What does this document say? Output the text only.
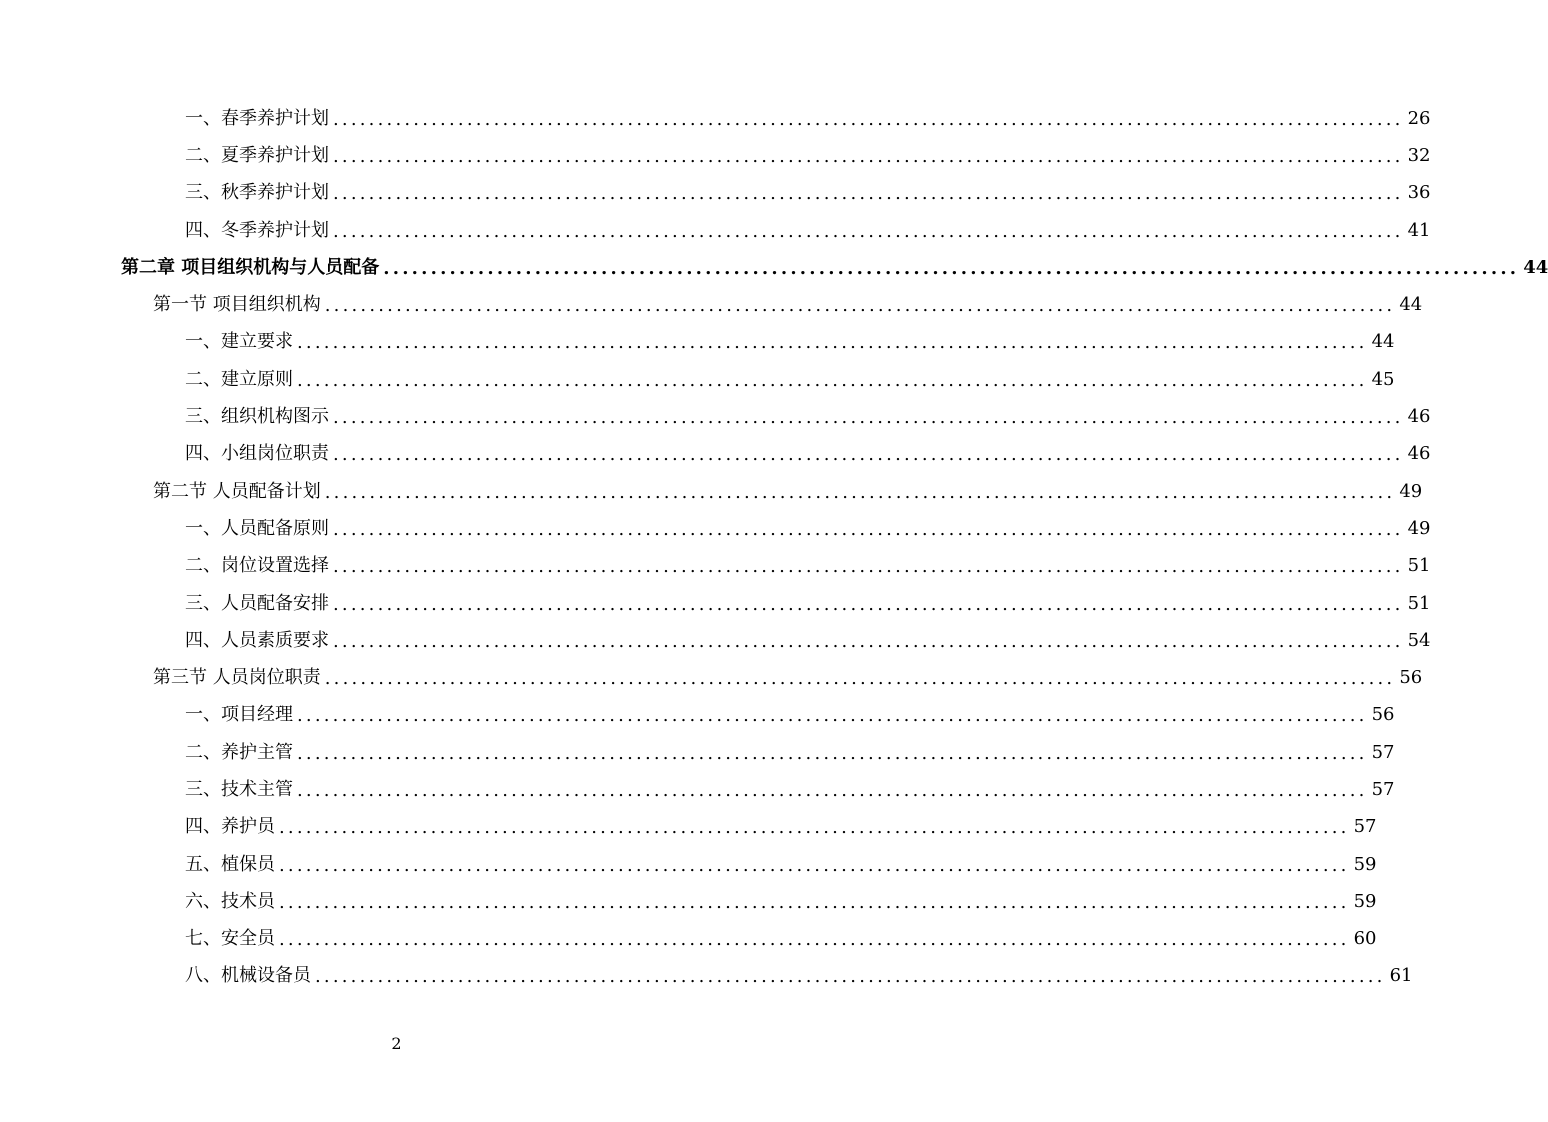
一、春季养护计划 ........................................................................................................................ 26
二、夏季养护计划 ........................................................................................................................ 32
三、秋季养护计划 ........................................................................................................................ 36
四、冬季养护计划 ........................................................................................................................ 41
第二章 项目组织机构与人员配备 ........................................................................................................................ 44
第一节 项目组织机构 ........................................................................................................................ 44
一、建立要求 ........................................................................................................................ 44
二、建立原则 ........................................................................................................................ 45
三、组织机构图示 ........................................................................................................................ 46
四、小组岗位职责 ........................................................................................................................ 46
第二节 人员配备计划 ........................................................................................................................ 49
一、人员配备原则 ........................................................................................................................ 49
二、岗位设置选择 ........................................................................................................................ 51
三、人员配备安排 ........................................................................................................................ 51
四、人员素质要求 ........................................................................................................................ 54
第三节 人员岗位职责 ........................................................................................................................ 56
一、项目经理 ........................................................................................................................ 56
二、养护主管 ........................................................................................................................ 57
三、技术主管 ........................................................................................................................ 57
四、养护员 ........................................................................................................................ 57
五、植保员 ........................................................................................................................ 59
六、技术员 ........................................................................................................................ 59
七、安全员 ........................................................................................................................ 60
八、机械设备员 ........................................................................................................................ 61
2
